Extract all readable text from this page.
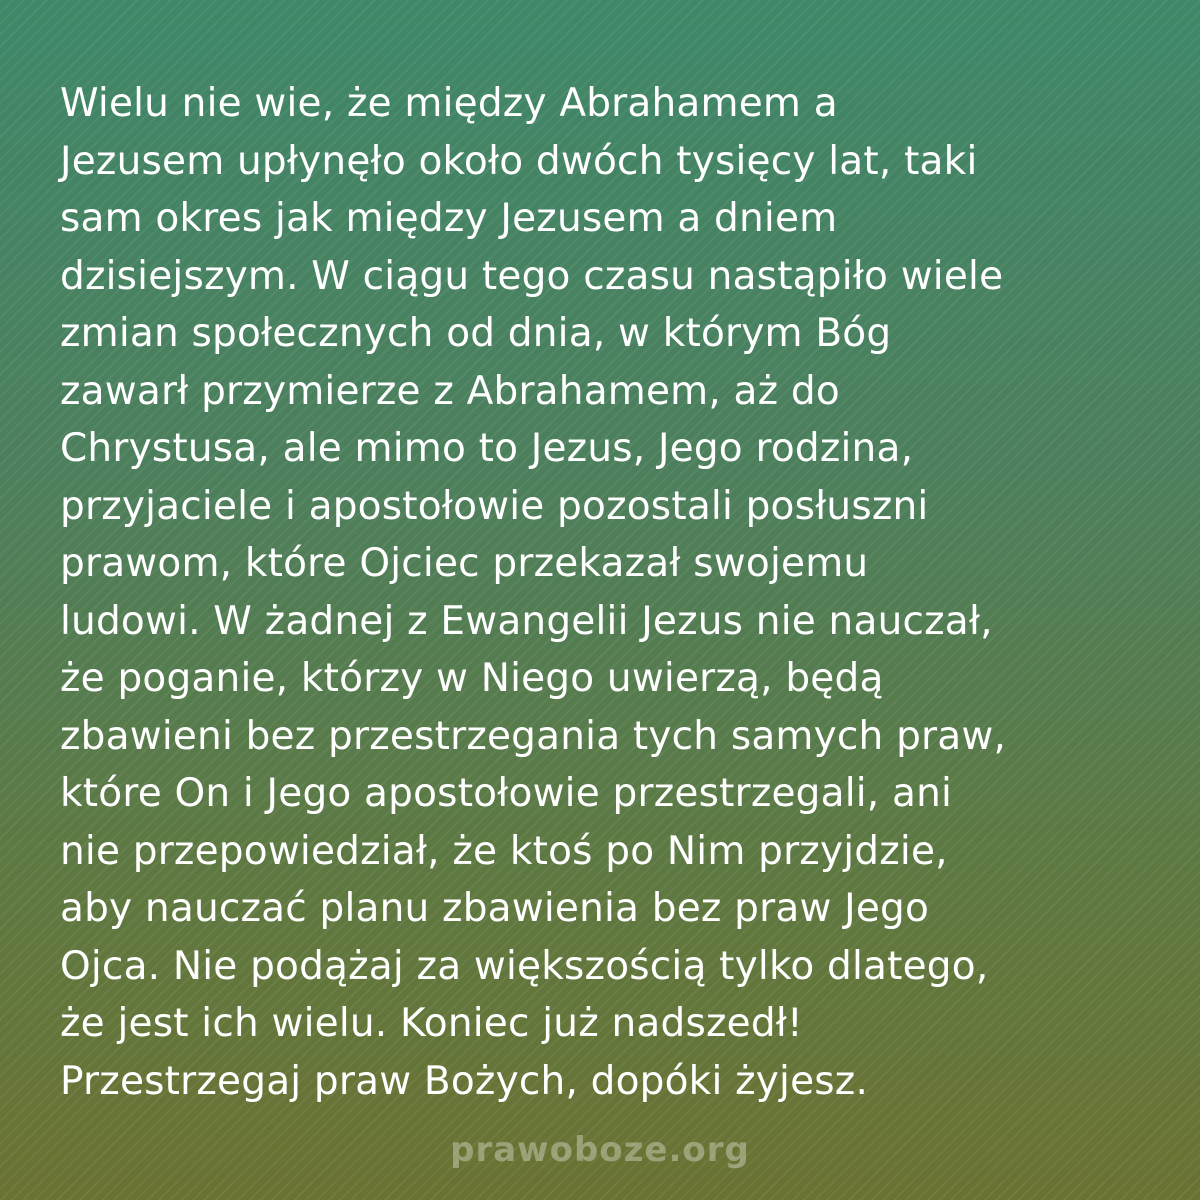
Wielu nie wie, że między Abrahamem a
Jezusem upłynęło około dwóch tysięcy lat, taki
sam okres jak między Jezusem a dniem
dzisiejszym. W ciągu tego czasu nastąpiło wiele
zmian społecznych od dnia, w którym Bóg
zawarł przymierze z Abrahamem, aż do
Chrystusa, ale mimo to Jezus, Jego rodzina,
przyjaciele i apostołowie pozostali posłuszni
prawom, które Ojciec przekazał swojemu
ludowi. W żadnej z Ewangelii Jezus nie nauczał,
że poganie, którzy w Niego uwierzą, będą
zbawieni bez przestrzegania tych samych praw,
które On i Jego apostołowie przestrzegali, ani
nie przepowiedział, że ktoś po Nim przyjdzie,
aby nauczać planu zbawienia bez praw Jego
Ojca. Nie podążaj za większością tylko dlatego,
że jest ich wielu. Koniec już nadszedł!
Przestrzegaj praw Bożych, dopóki żyjesz.

prawoboze.org
